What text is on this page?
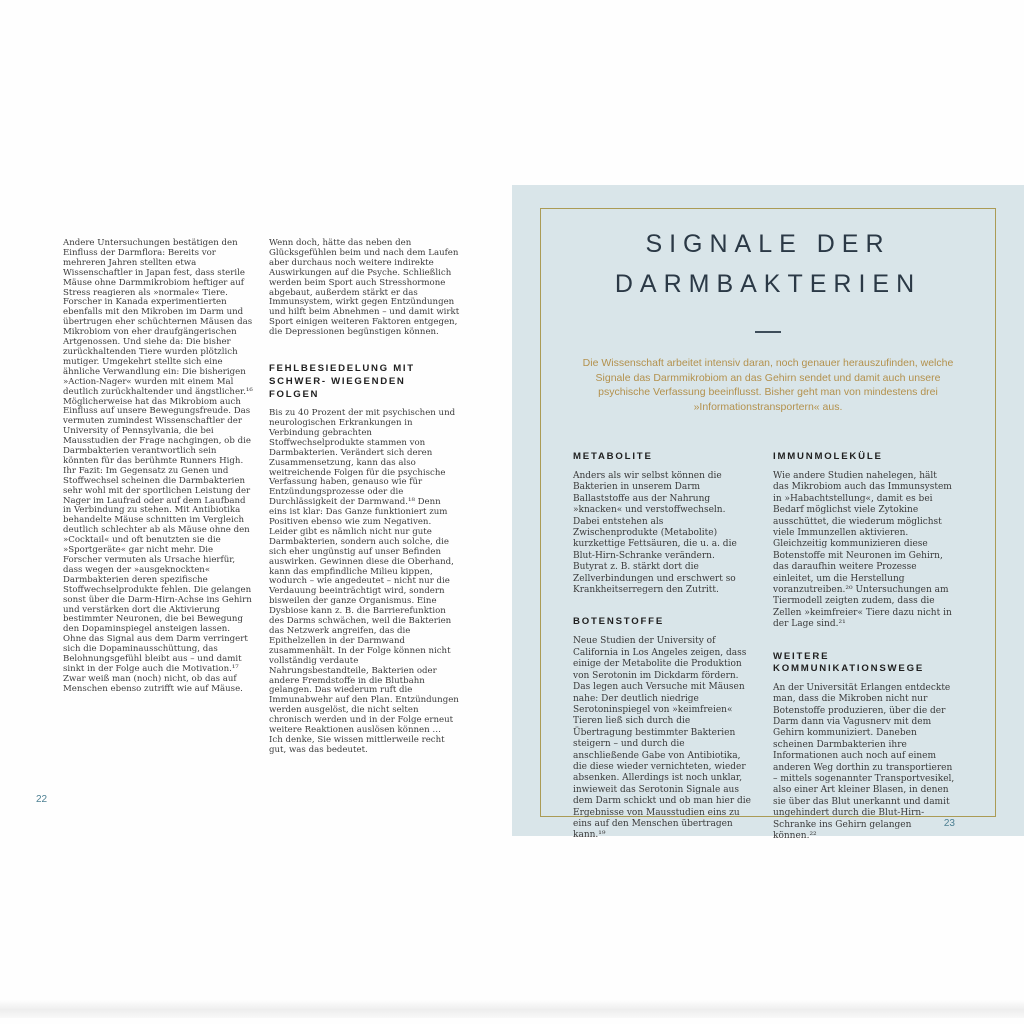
Andere Untersuchungen bestätigen den Einfluss der Darmflora: Bereits vor mehreren Jahren stellten etwa Wissenschaftler in Japan fest, dass sterile Mäuse ohne Darmmikrobiom heftiger auf Stress reagieren als »normale« Tiere. Forscher in Kanada experimentierten ebenfalls mit den Mikroben im Darm und übertrugen eher schüchternen Mäusen das Mikrobiom von eher draufgängerischen Artgenossen. Und siehe da: Die bisher zurückhaltenden Tiere wurden plötzlich mutiger. Umgekehrt stellte sich eine ähnliche Verwandlung ein: Die bisherigen »Action-Nager« wurden mit einem Mal deutlich zurückhaltender und ängstlicher.¹⁶

Möglicherweise hat das Mikrobiom auch Einfluss auf unsere Bewegungsfreude. Das vermuten zumindest Wissenschaftler der University of Pennsylvania, die bei Mausstudien der Frage nachgingen, ob die Darmbakterien verantwortlich sein könnten für das berühmte Runners High. Ihr Fazit: Im Gegensatz zu Genen und Stoffwechsel scheinen die Darmbakterien sehr wohl mit der sportlichen Leistung der Nager im Laufrad oder auf dem Laufband in Verbindung zu stehen. Mit Antibiotika behandelte Mäuse schnitten im Vergleich deutlich schlechter ab als Mäuse ohne den »Cocktail« und oft benutzten sie die »Sportgeräte« gar nicht mehr. Die Forscher vermuten als Ursache hierfür, dass wegen der »ausgeknockten« Darmbakterien deren spezifische Stoffwechselprodukte fehlen. Die gelangen sonst über die Darm-Hirn-Achse ins Gehirn und verstärken dort die Aktivierung bestimmter Neuronen, die bei Bewegung den Dopaminspiegel ansteigen lassen. Ohne das Signal aus dem Darm verringert sich die Dopaminausschüttung, das Belohnungsgefühl bleibt aus – und damit sinkt in der Folge auch die Motivation.¹⁷

Zwar weiß man (noch) nicht, ob das auf Menschen ebenso zutrifft wie auf Mäuse.

Wenn doch, hätte das neben den Glücksgefühlen beim und nach dem Laufen aber durchaus noch weitere indirekte Auswirkungen auf die Psyche. Schließlich werden beim Sport auch Stresshormone abgebaut, außerdem stärkt er das Immunsystem, wirkt gegen Entzündungen und hilft beim Abnehmen – und damit wirkt Sport einigen weiteren Faktoren entgegen, die Depressionen begünstigen können.

FEHLBESIEDELUNG MIT SCHWER- WIEGENDEN FOLGEN

Bis zu 40 Prozent der mit psychischen und neurologischen Erkrankungen in Verbindung gebrachten Stoffwechselprodukte stammen von Darmbakterien. Verändert sich deren Zusammensetzung, kann das also weitreichende Folgen für die psychische Verfassung haben, genauso wie für Entzündungsprozesse oder die Durchlässigkeit der Darmwand.¹⁸ Denn eins ist klar: Das Ganze funktioniert zum Positiven ebenso wie zum Negativen. Leider gibt es nämlich nicht nur gute Darmbakterien, sondern auch solche, die sich eher ungünstig auf unser Befinden auswirken. Gewinnen diese die Oberhand, kann das empfindliche Milieu kippen, wodurch – wie angedeutet – nicht nur die Verdauung beeinträchtigt wird, sondern bisweilen der ganze Organismus. Eine Dysbiose kann z. B. die Barrierefunktion des Darms schwächen, weil die Bakterien das Netzwerk angreifen, das die Epithelzellen in der Darmwand zusammenhält. In der Folge können nicht vollständig verdaute Nahrungsbestandteile, Bakterien oder andere Fremdstoffe in die Blutbahn gelangen. Das wiederum ruft die Immunabwehr auf den Plan. Entzündungen werden ausgelöst, die nicht selten chronisch werden und in der Folge erneut weitere Reaktionen auslösen können …

Ich denke, Sie wissen mittlerweile recht gut, was das bedeutet.

22
SIGNALE DER
DARMBAKTERIEN

Die Wissenschaft arbeitet intensiv daran, noch genauer herauszufinden, welche Signale das Darmmikrobiom an das Gehirn sendet und damit auch unsere psychische Verfassung beeinflusst. Bisher geht man von mindestens drei »Informationstransportern« aus.

METABOLITE

Anders als wir selbst können die Bakterien in unserem Darm Ballaststoffe aus der Nahrung »knacken« und verstoffwechseln. Dabei entstehen als Zwischenprodukte (Metabolite) kurzkettige Fettsäuren, die u. a. die Blut-Hirn-Schranke verändern. Butyrat z. B. stärkt dort die Zellverbindungen und erschwert so Krankheitserregern den Zutritt.

BOTENSTOFFE

Neue Studien der University of California in Los Angeles zeigen, dass einige der Metabolite die Produktion von Serotonin im Dickdarm fördern. Das legen auch Versuche mit Mäusen nahe: Der deutlich niedrige Serotoninspiegel von »keimfreien« Tieren ließ sich durch die Übertragung bestimmter Bakterien steigern – und durch die anschließende Gabe von Antibiotika, die diese wieder vernichteten, wieder absenken. Allerdings ist noch unklar, inwieweit das Serotonin Signale aus dem Darm schickt und ob man hier die Ergebnisse von Mausstudien eins zu eins auf den Menschen übertragen kann.¹⁹

IMMUNMOLEKÜLE

Wie andere Studien nahelegen, hält das Mikrobiom auch das Immunsystem in »Habachtstellung«, damit es bei Bedarf möglichst viele Zytokine ausschüttet, die wiederum möglichst viele Immunzellen aktivieren. Gleichzeitig kommunizieren diese Botenstoffe mit Neuronen im Gehirn, das daraufhin weitere Prozesse einleitet, um die Herstellung voranzutreiben.²⁰ Untersuchungen am Tiermodell zeigten zudem, dass die Zellen »keimfreier« Tiere dazu nicht in der Lage sind.²¹

WEITERE KOMMUNIKATIONSWEGE

An der Universität Erlangen entdeckte man, dass die Mikroben nicht nur Botenstoffe produzieren, über die der Darm dann via Vagusnerv mit dem Gehirn kommuniziert. Daneben scheinen Darmbakterien ihre Informationen auch noch auf einem anderen Weg dorthin zu transportieren – mittels sogenannter Transportvesikel, also einer Art kleiner Blasen, in denen sie über das Blut unerkannt und damit ungehindert durch die Blut-Hirn-Schranke ins Gehirn gelangen können.²²

23
